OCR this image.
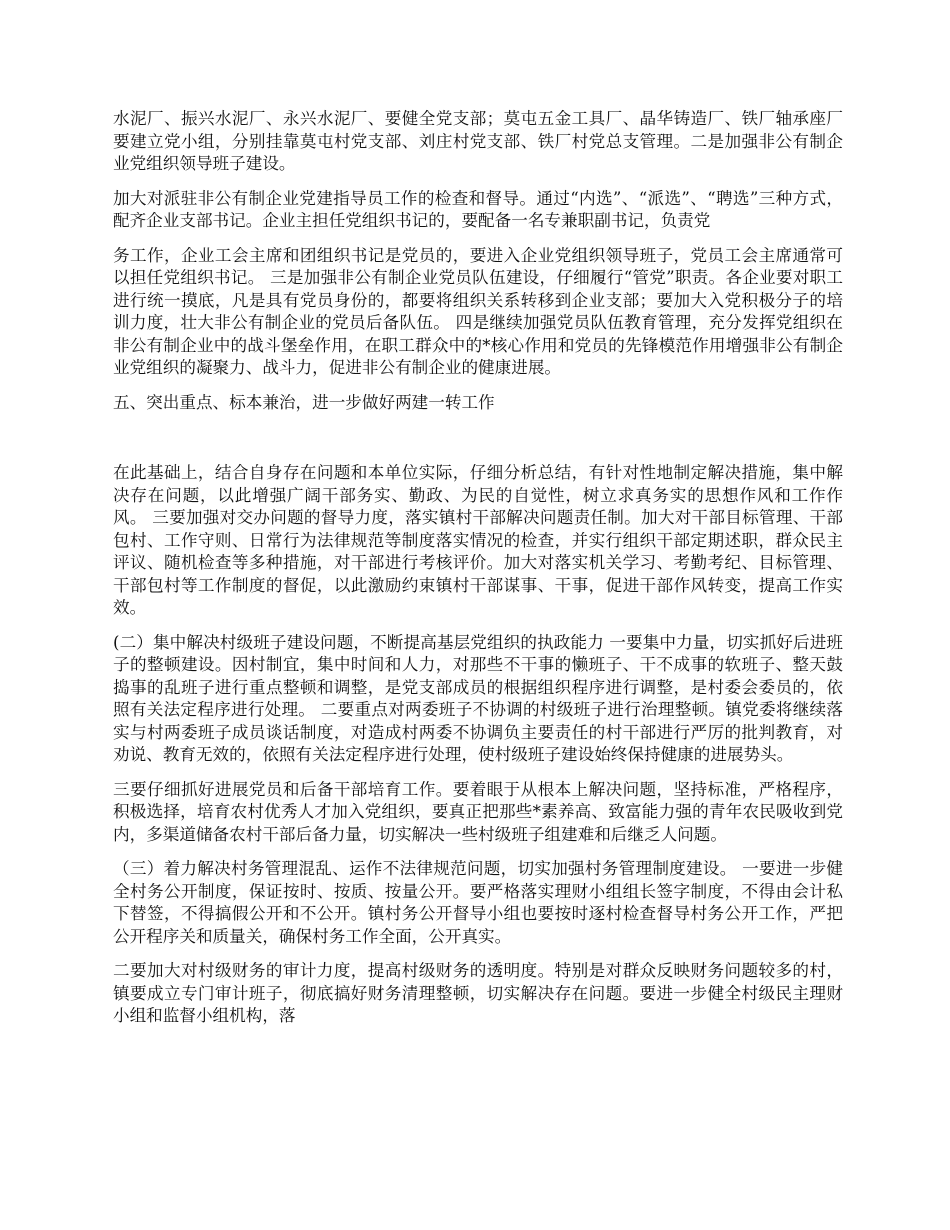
水泥厂、振兴水泥厂、永兴水泥厂、要健全党支部；莫屯五金工具厂、晶华铸造厂、铁厂轴承座厂要建立党小组，分别挂靠莫屯村党支部、刘庄村党支部、铁厂村党总支管理。二是加强非公有制企业党组织领导班子建设。

加大对派驻非公有制企业党建指导员工作的检查和督导。通过“内选”、“派选”、“聘选”三种方式，配齐企业支部书记。企业主担任党组织书记的，要配备一名专兼职副书记，负责党

务工作，企业工会主席和团组织书记是党员的，要进入企业党组织领导班子，党员工会主席通常可以担任党组织书记。 三是加强非公有制企业党员队伍建设，仔细履行“管党”职责。各企业要对职工进行统一摸底，凡是具有党员身份的，都要将组织关系转移到企业支部；要加大入党积极分子的培训力度，壮大非公有制企业的党员后备队伍。 四是继续加强党员队伍教育管理，充分发挥党组织在非公有制企业中的战斗堡垒作用，在职工群众中的*核心作用和党员的先锋模范作用增强非公有制企业党组织的凝聚力、战斗力，促进非公有制企业的健康进展。

五、突出重点、标本兼治，进一步做好两建一转工作

在此基础上，结合自身存在问题和本单位实际，仔细分析总结，有针对性地制定解决措施，集中解决存在问题，以此增强广阔干部务实、勤政、为民的自觉性，树立求真务实的思想作风和工作作风。 三要加强对交办问题的督导力度，落实镇村干部解决问题责任制。加大对干部目标管理、干部包村、工作守则、日常行为法律规范等制度落实情况的检查，并实行组织干部定期述职，群众民主评议、随机检查等多种措施，对干部进行考核评价。加大对落实机关学习、考勤考纪、目标管理、干部包村等工作制度的督促，以此激励约束镇村干部谋事、干事，促进干部作风转变，提高工作实效。

(二）集中解决村级班子建设问题，不断提高基层党组织的执政能力 一要集中力量，切实抓好后进班子的整顿建设。因村制宜，集中时间和人力，对那些不干事的懒班子、干不成事的软班子、整天鼓捣事的乱班子进行重点整顿和调整，是党支部成员的根据组织程序进行调整，是村委会委员的，依照有关法定程序进行处理。 二要重点对两委班子不协调的村级班子进行治理整顿。镇党委将继续落实与村两委班子成员谈话制度，对造成村两委不协调负主要责任的村干部进行严厉的批判教育，对劝说、教育无效的，依照有关法定程序进行处理，使村级班子建设始终保持健康的进展势头。

三要仔细抓好进展党员和后备干部培育工作。要着眼于从根本上解决问题，坚持标准，严格程序，积极选择，培育农村优秀人才加入党组织，要真正把那些*素养高、致富能力强的青年农民吸收到党内，多渠道储备农村干部后备力量，切实解决一些村级班子组建难和后继乏人问题。

（三）着力解决村务管理混乱、运作不法律规范问题，切实加强村务管理制度建设。 一要进一步健全村务公开制度，保证按时、按质、按量公开。要严格落实理财小组组长签字制度，不得由会计私下替签，不得搞假公开和不公开。镇村务公开督导小组也要按时逐村检查督导村务公开工作，严把公开程序关和质量关，确保村务工作全面，公开真实。

二要加大对村级财务的审计力度，提高村级财务的透明度。特别是对群众反映财务问题较多的村，镇要成立专门审计班子，彻底搞好财务清理整顿，切实解决存在问题。要进一步健全村级民主理财小组和监督小组机构，落
